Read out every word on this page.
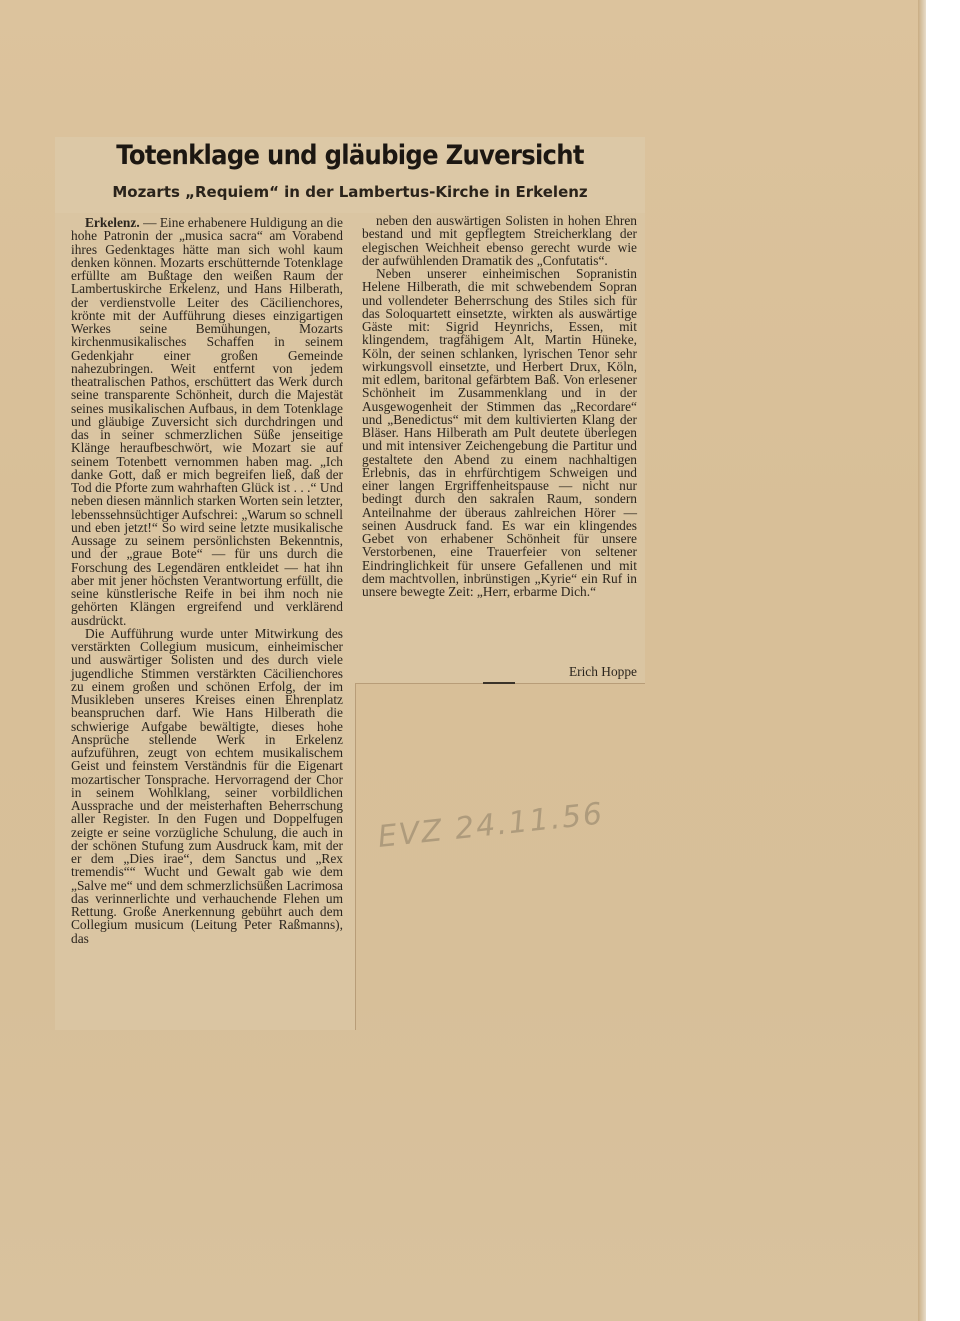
Totenklage und gläubige Zuversicht
Mozarts „Requiem“ in der Lambertus-Kirche in Erkelenz

Erkelenz. — Eine erhabenere Huldigung an die hohe Patronin der „musica sacra“ am Vorabend ihres Gedenktages hätte man sich wohl kaum denken können. Mozarts erschütternde Totenklage erfüllte am Bußtage den weißen Raum der Lambertuskirche Erkelenz, und Hans Hilberath, der verdienstvolle Leiter des Cäcilienchores, krönte mit der Aufführung dieses einzigartigen Werkes seine Bemühungen, Mozarts kirchenmusikalisches Schaffen in seinem Gedenkjahr einer großen Gemeinde nahezubringen. Weit entfernt von jedem theatralischen Pathos, erschüttert das Werk durch seine transparente Schönheit, durch die Majestät seines musikalischen Aufbaus, in dem Totenklage und gläubige Zuversicht sich durchdringen und das in seiner schmerzlichen Süße jenseitige Klänge heraufbeschwört, wie Mozart sie auf seinem Totenbett vernommen haben mag. „Ich danke Gott, daß er mich begreifen ließ, daß der Tod die Pforte zum wahrhaften Glück ist . . .“ Und neben diesen männlich starken Worten sein letzter, lebenssehnsüchtiger Aufschrei: „Warum so schnell und eben jetzt!“ So wird seine letzte musikalische Aussage zu seinem persönlichsten Bekenntnis, und der „graue Bote“ — für uns durch die Forschung des Legendären entkleidet — hat ihn aber mit jener höchsten Verantwortung erfüllt, die seine künstlerische Reife in bei ihm noch nie gehörten Klängen ergreifend und verklärend ausdrückt.

Die Aufführung wurde unter Mitwirkung des verstärkten Collegium musicum, einheimischer und auswärtiger Solisten und des durch viele jugendliche Stimmen verstärkten Cäcilienchores zu einem großen und schönen Erfolg, der im Musikleben unseres Kreises einen Ehrenplatz beanspruchen darf. Wie Hans Hilberath die schwierige Aufgabe bewältigte, dieses hohe Ansprüche stellende Werk in Erkelenz aufzuführen, zeugt von echtem musikalischem Geist und feinstem Verständnis für die Eigenart mozartischer Tonsprache. Hervorragend der Chor in seinem Wohlklang, seiner vorbildlichen Aussprache und der meisterhaften Beherrschung aller Register. In den Fugen und Doppelfugen zeigte er seine vorzügliche Schulung, die auch in der schönen Stufung zum Ausdruck kam, mit der er dem „Dies irae“, dem Sanctus und „Rex tremendis““ Wucht und Gewalt gab wie dem „Salve me“ und dem schmerzlichsüßen Lacrimosa das verinnerlichte und verhauchende Flehen um Rettung. Große Anerkennung gebührt auch dem Collegium musicum (Leitung Peter Raßmanns), das

neben den auswärtigen Solisten in hohen Ehren bestand und mit gepflegtem Streicherklang der elegischen Weichheit ebenso gerecht wurde wie der aufwühlenden Dramatik des „Confutatis“.

Neben unserer einheimischen Sopranistin Helene Hilberath, die mit schwebendem Sopran und vollendeter Beherrschung des Stiles sich für das Soloquartett einsetzte, wirkten als auswärtige Gäste mit: Sigrid Heynrichs, Essen, mit klingendem, tragfähigem Alt, Martin Hüneke, Köln, der seinen schlanken, lyrischen Tenor sehr wirkungsvoll einsetzte, und Herbert Drux, Köln, mit edlem, baritonal gefärbtem Baß. Von erlesener Schönheit im Zusammenklang und in der Ausgewogenheit der Stimmen das „Recordare“ und „Benedictus“ mit dem kultivierten Klang der Bläser. Hans Hilberath am Pult deutete überlegen und mit intensiver Zeichengebung die Partitur und gestaltete den Abend zu einem nachhaltigen Erlebnis, das in ehrfürchtigem Schweigen und einer langen Ergriffenheitspause — nicht nur bedingt durch den sakralen Raum, sondern Anteilnahme der überaus zahlreichen Hörer — seinen Ausdruck fand. Es war ein klingendes Gebet von erhabener Schönheit für unsere Verstorbenen, eine Trauerfeier von seltener Eindringlichkeit für unsere Gefallenen und mit dem machtvollen, inbrünstigen „Kyrie“ ein Ruf in unsere bewegte Zeit: „Herr, erbarme Dich.“

Erich Hoppe

EVZ 24.11.56
